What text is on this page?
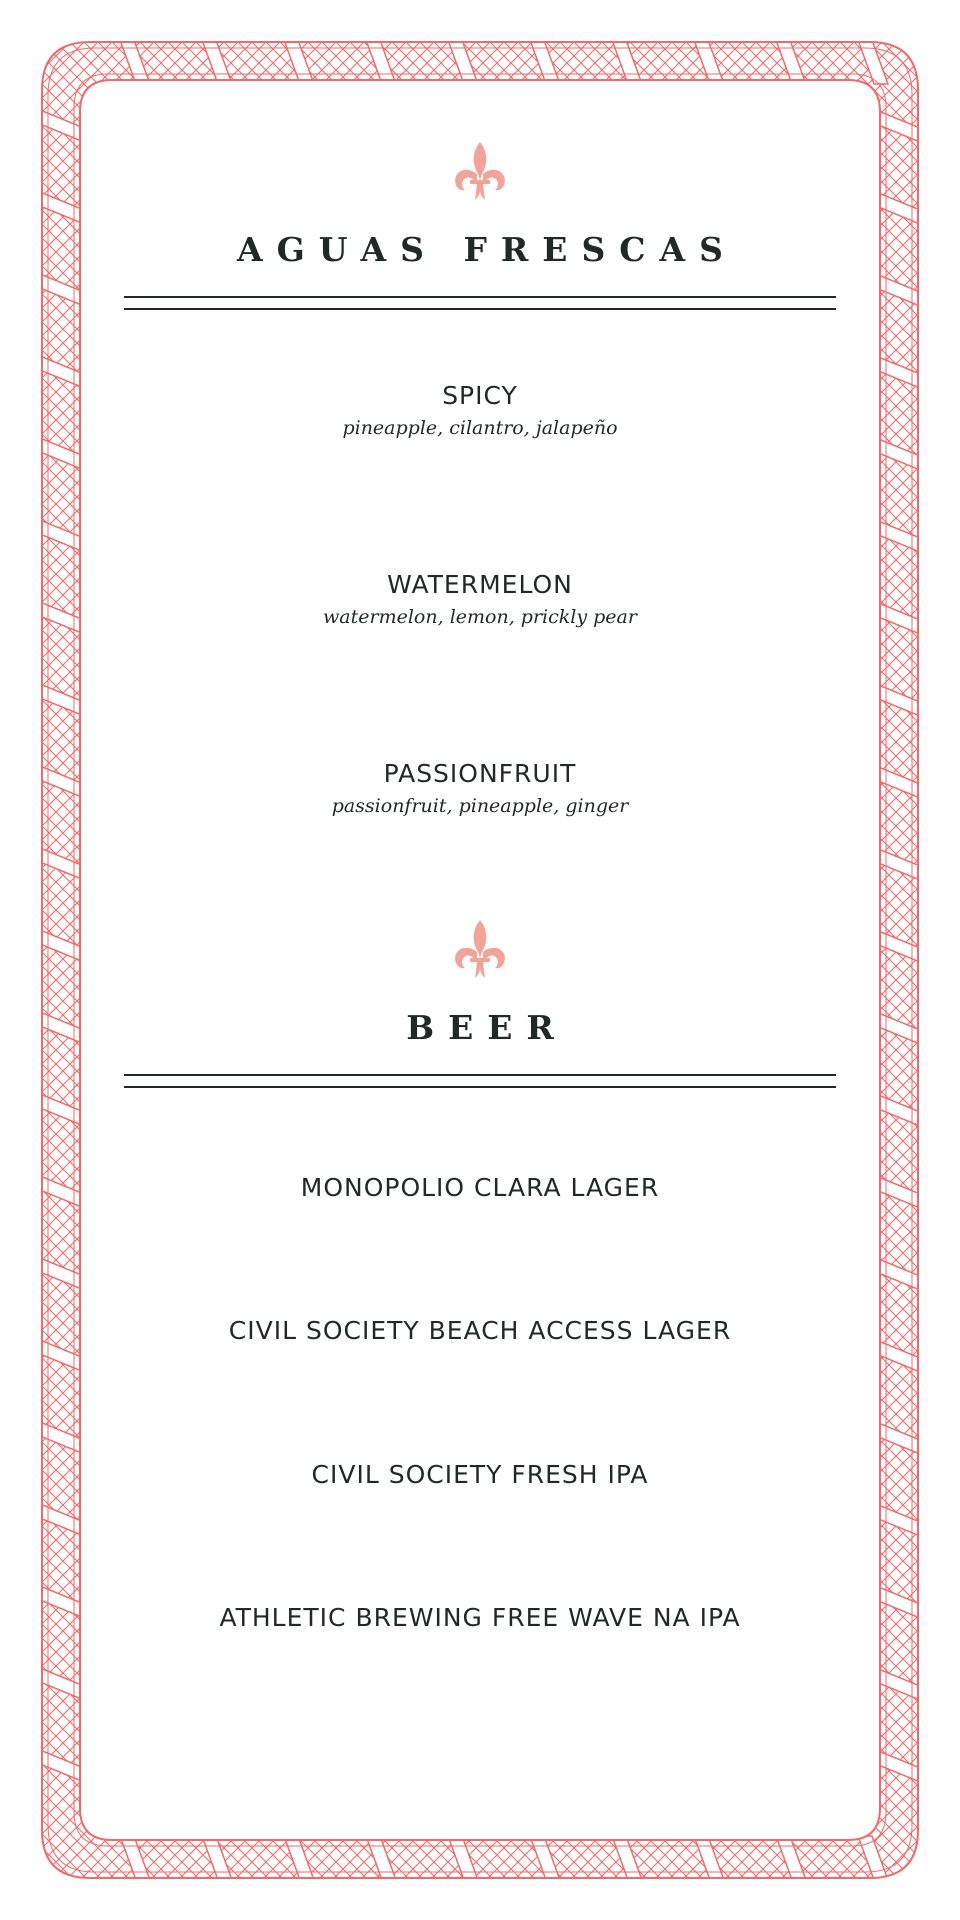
AGUAS FRESCAS
SPICY
pineapple, cilantro, jalapeño
WATERMELON
watermelon, lemon, prickly pear
PASSIONFRUIT
passionfruit, pineapple, ginger
BEER
MONOPOLIO CLARA LAGER
CIVIL SOCIETY BEACH ACCESS LAGER
CIVIL SOCIETY FRESH IPA
ATHLETIC BREWING FREE WAVE NA IPA
